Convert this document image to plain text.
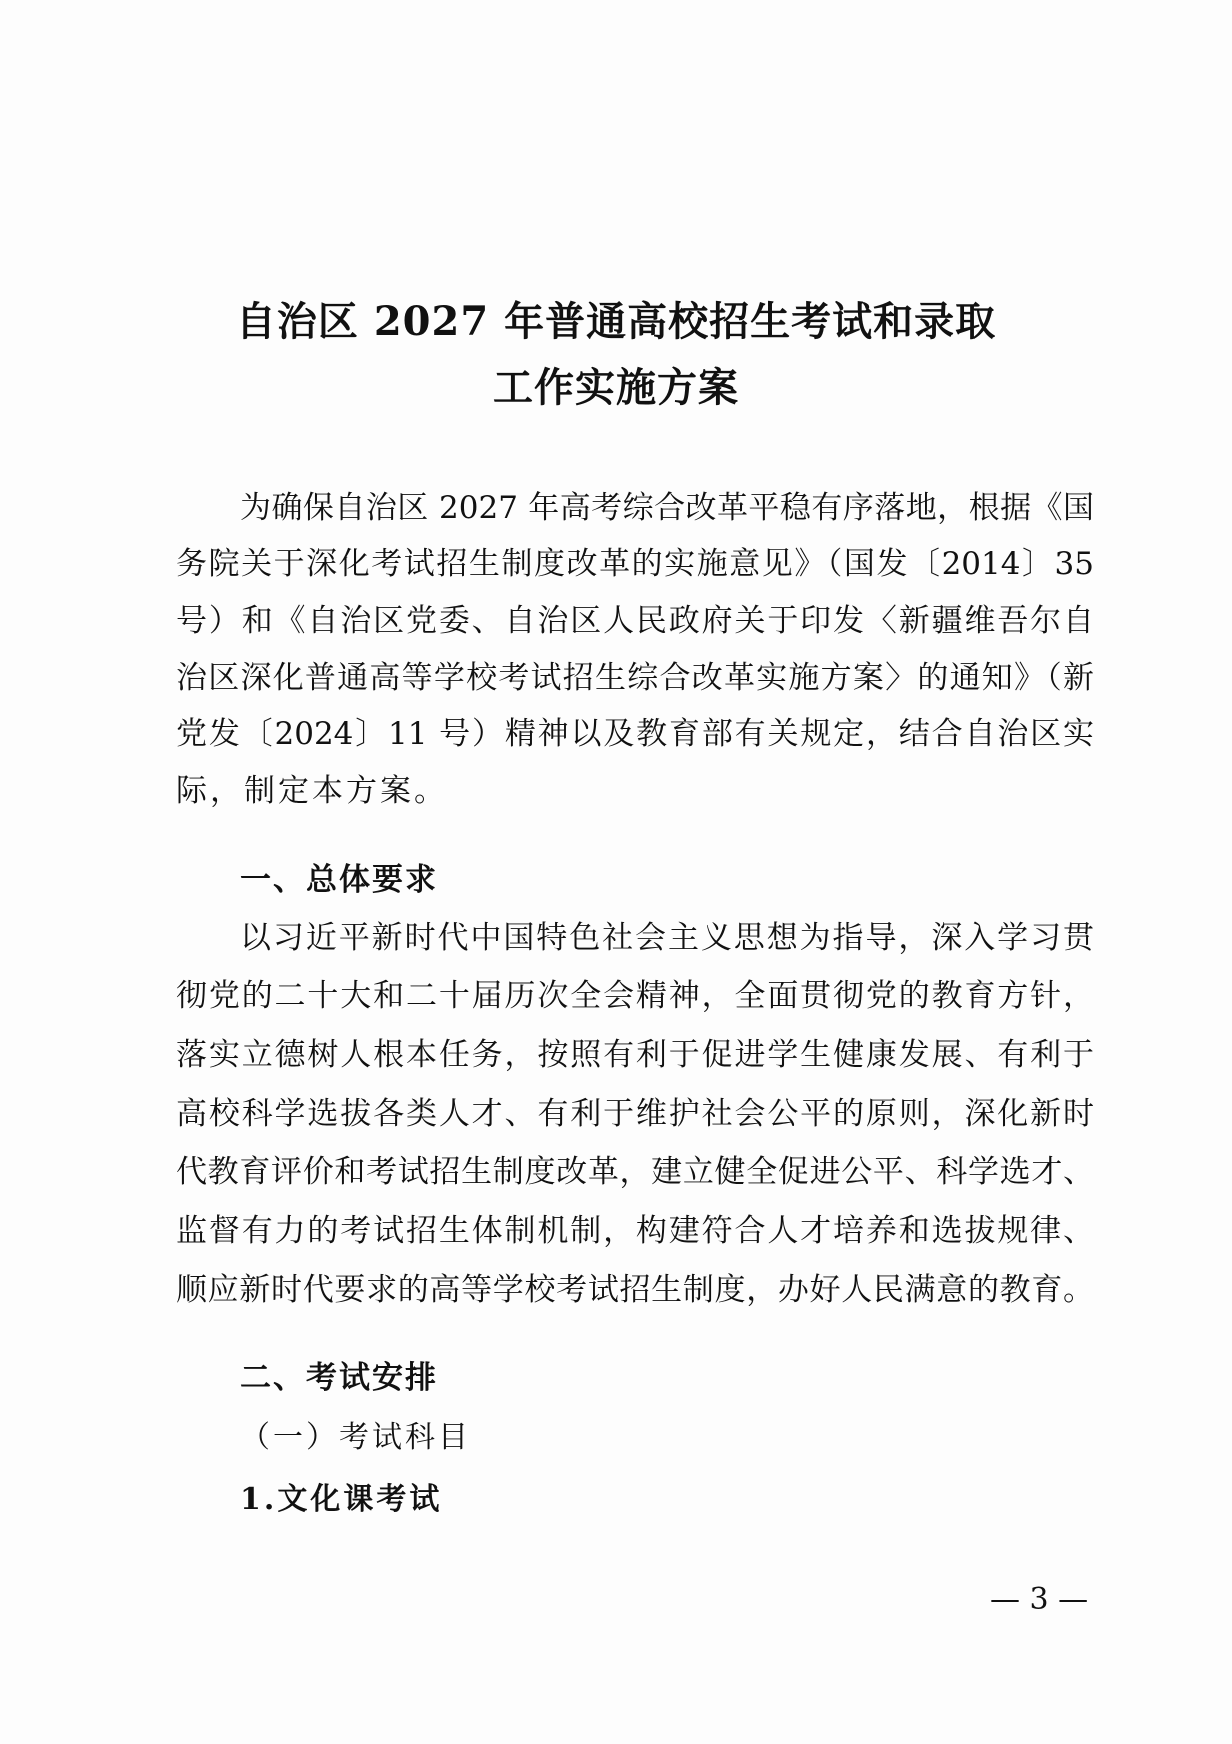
自治区 2027 年普通高校招生考试和录取
工作实施方案
为确保自治区 2027 年高考综合改革平稳有序落地，根据《国
务院关于深化考试招生制度改革的实施意见》（国发〔2014〕35
号）和《自治区党委、自治区人民政府关于印发〈新疆维吾尔自
治区深化普通高等学校考试招生综合改革实施方案〉的通知》（新
党发〔2024〕11 号）精神以及教育部有关规定，结合自治区实
际，制定本方案。
一、总体要求
以习近平新时代中国特色社会主义思想为指导，深入学习贯
彻党的二十大和二十届历次全会精神，全面贯彻党的教育方针，
落实立德树人根本任务，按照有利于促进学生健康发展、有利于
高校科学选拔各类人才、有利于维护社会公平的原则，深化新时
代教育评价和考试招生制度改革，建立健全促进公平、科学选才、
监督有力的考试招生体制机制，构建符合人才培养和选拔规律、
顺应新时代要求的高等学校考试招生制度，办好人民满意的教育。
二、考试安排
（一）考试科目
1.文化课考试
— 3 —
